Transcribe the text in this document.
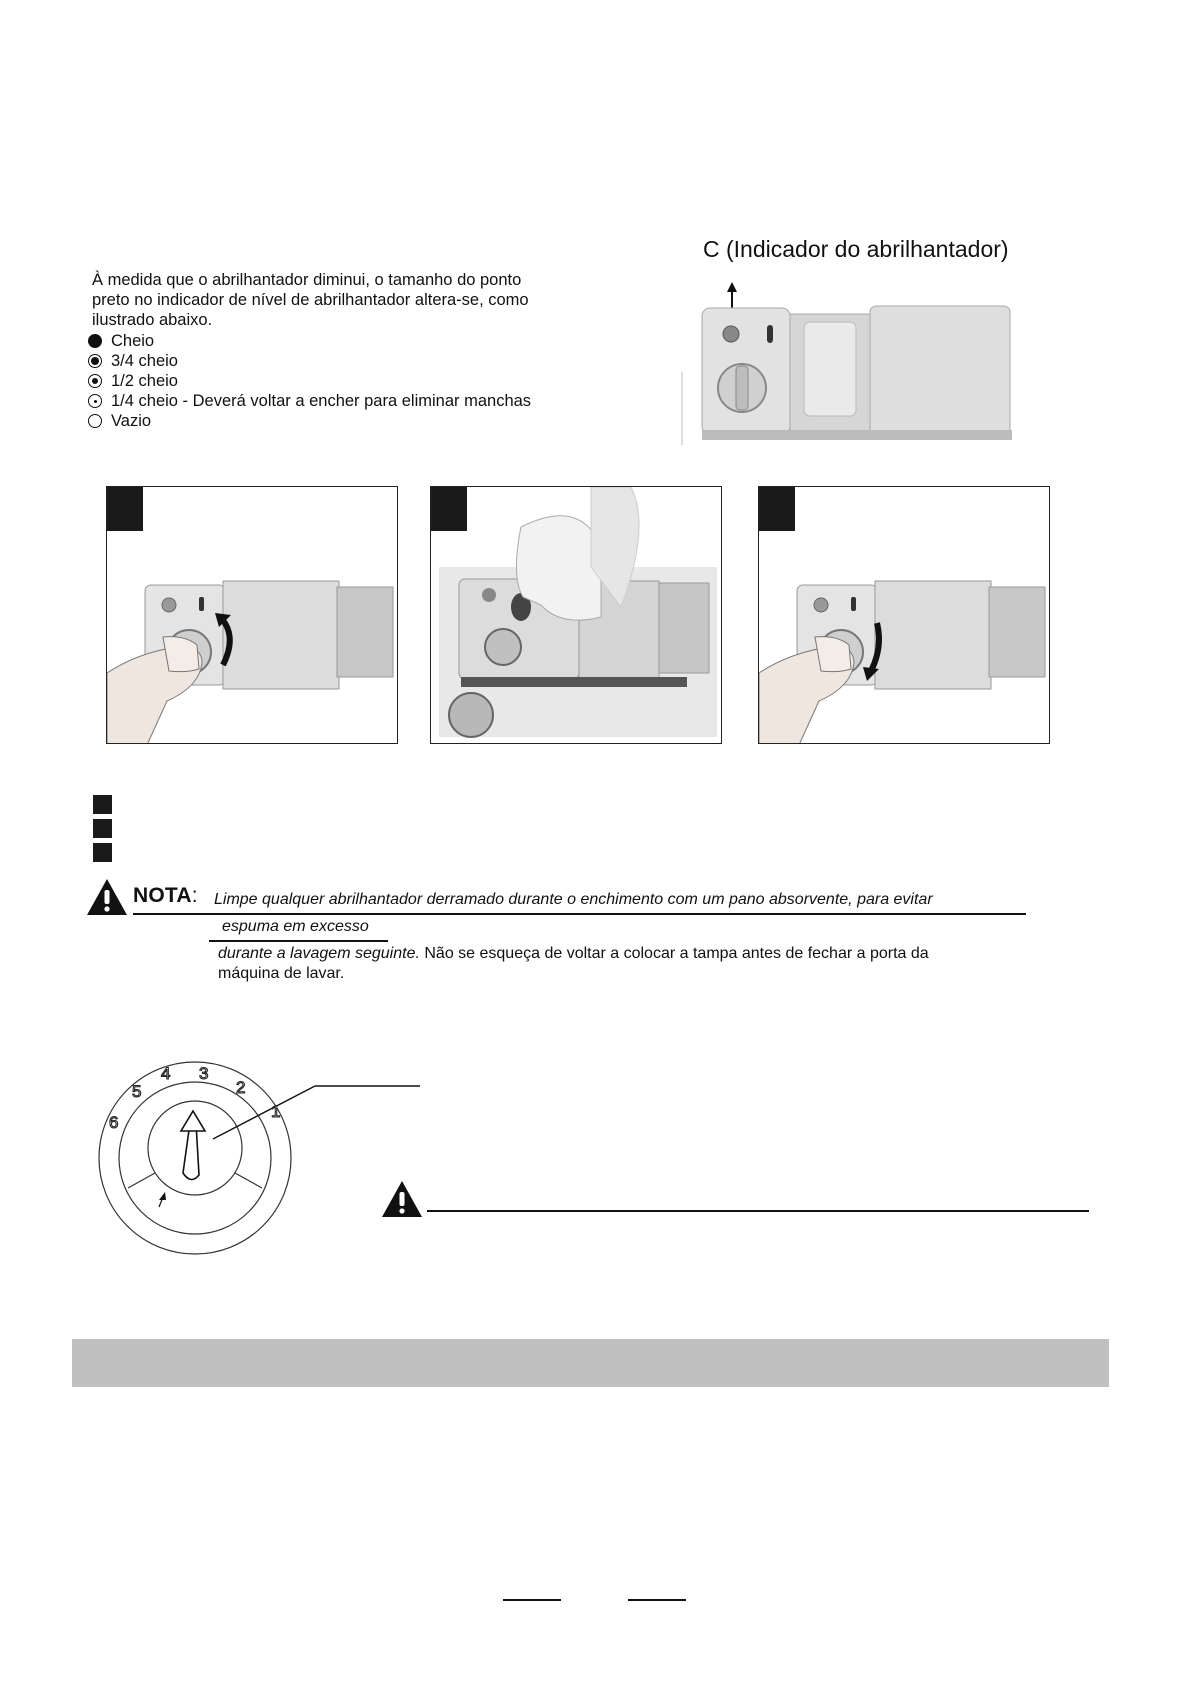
À medida que o abrilhantador diminui, o tamanho do ponto
preto no indicador de nível de abrilhantador altera-se, como
ilustrado abaixo.
Cheio
3/4 cheio
1/2 cheio
1/4 cheio - Deverá voltar a encher para eliminar manchas
Vazio
C (Indicador do abrilhantador)
NOTA: Limpe qualquer abrilhantador derramado durante o enchimento com um pano absorvente, para evitar
espuma em excesso
durante a lavagem seguinte. Não se esqueça de voltar a colocar a tampa antes de fechar a porta da
máquina de lavar.
1
2
3
4
5
6
